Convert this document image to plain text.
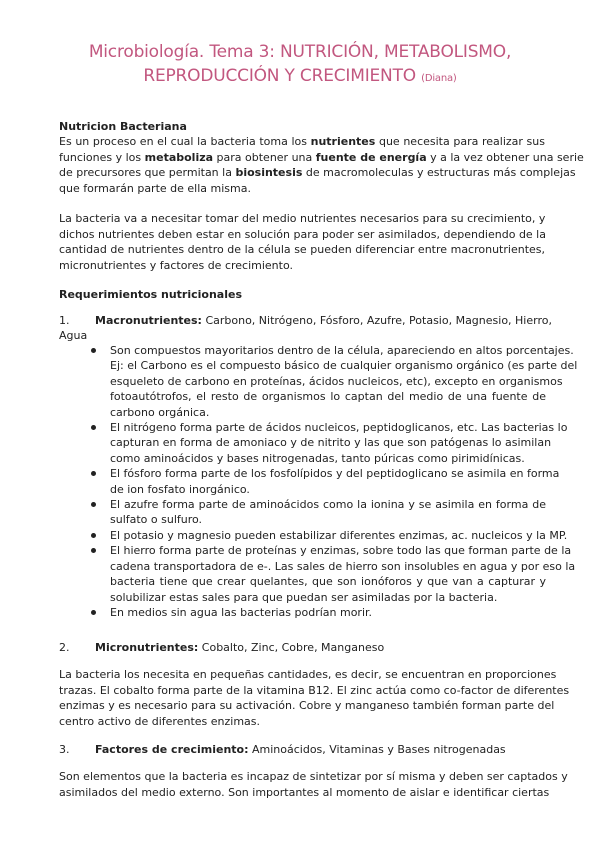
Microbiología. Tema 3: NUTRICIÓN, METABOLISMO,
REPRODUCCIÓN Y CRECIMIENTO (Diana)
Nutricion Bacteriana
Es un proceso en el cual la bacteria toma los nutrientes que necesita para realizar sus
funciones y los metaboliza para obtener una fuente de energía y a la vez obtener una serie
de precursores que permitan la biosintesis de macromoleculas y estructuras más complejas
que formarán parte de ella misma.
La bacteria va a necesitar tomar del medio nutrientes necesarios para su crecimiento, y
dichos nutrientes deben estar en solución para poder ser asimilados, dependiendo de la
cantidad de nutrientes dentro de la célula se pueden diferenciar entre macronutrientes,
micronutrientes y factores de crecimiento.
Requerimientos nutricionales
1. Macronutrientes: Carbono, Nitrógeno, Fósforo, Azufre, Potasio, Magnesio, Hierro,
Agua
Son compuestos mayoritarios dentro de la célula, apareciendo en altos porcentajes.
Ej: el Carbono es el compuesto básico de cualquier organismo orgánico (es parte del
esqueleto de carbono en proteínas, ácidos nucleicos, etc), excepto en organismos
fotoautótrofos, el resto de organismos lo captan del medio de una fuente de
carbono orgánica.
El nitrógeno forma parte de ácidos nucleicos, peptidoglicanos, etc. Las bacterias lo
capturan en forma de amoniaco y de nitrito y las que son patógenas lo asimilan
como aminoácidos y bases nitrogenadas, tanto púricas como pirimidínicas.
El fósforo forma parte de los fosfolípidos y del peptidoglicano se asimila en forma
de ion fosfato inorgánico.
El azufre forma parte de aminoácidos como la ionina y se asimila en forma de
sulfato o sulfuro.
El potasio y magnesio pueden estabilizar diferentes enzimas, ac. nucleicos y la MP.
El hierro forma parte de proteínas y enzimas, sobre todo las que forman parte de la
cadena transportadora de e-. Las sales de hierro son insolubles en agua y por eso la
bacteria tiene que crear quelantes, que son ionóforos y que van a capturar y
solubilizar estas sales para que puedan ser asimiladas por la bacteria.
En medios sin agua las bacterias podrían morir.
2. Micronutrientes: Cobalto, Zinc, Cobre, Manganeso
La bacteria los necesita en pequeñas cantidades, es decir, se encuentran en proporciones
trazas. El cobalto forma parte de la vitamina B12. El zinc actúa como co-factor de diferentes
enzimas y es necesario para su activación. Cobre y manganeso también forman parte del
centro activo de diferentes enzimas.
3. Factores de crecimiento: Aminoácidos, Vitaminas y Bases nitrogenadas
Son elementos que la bacteria es incapaz de sintetizar por sí misma y deben ser captados y
asimilados del medio externo. Son importantes al momento de aislar e identificar ciertas
